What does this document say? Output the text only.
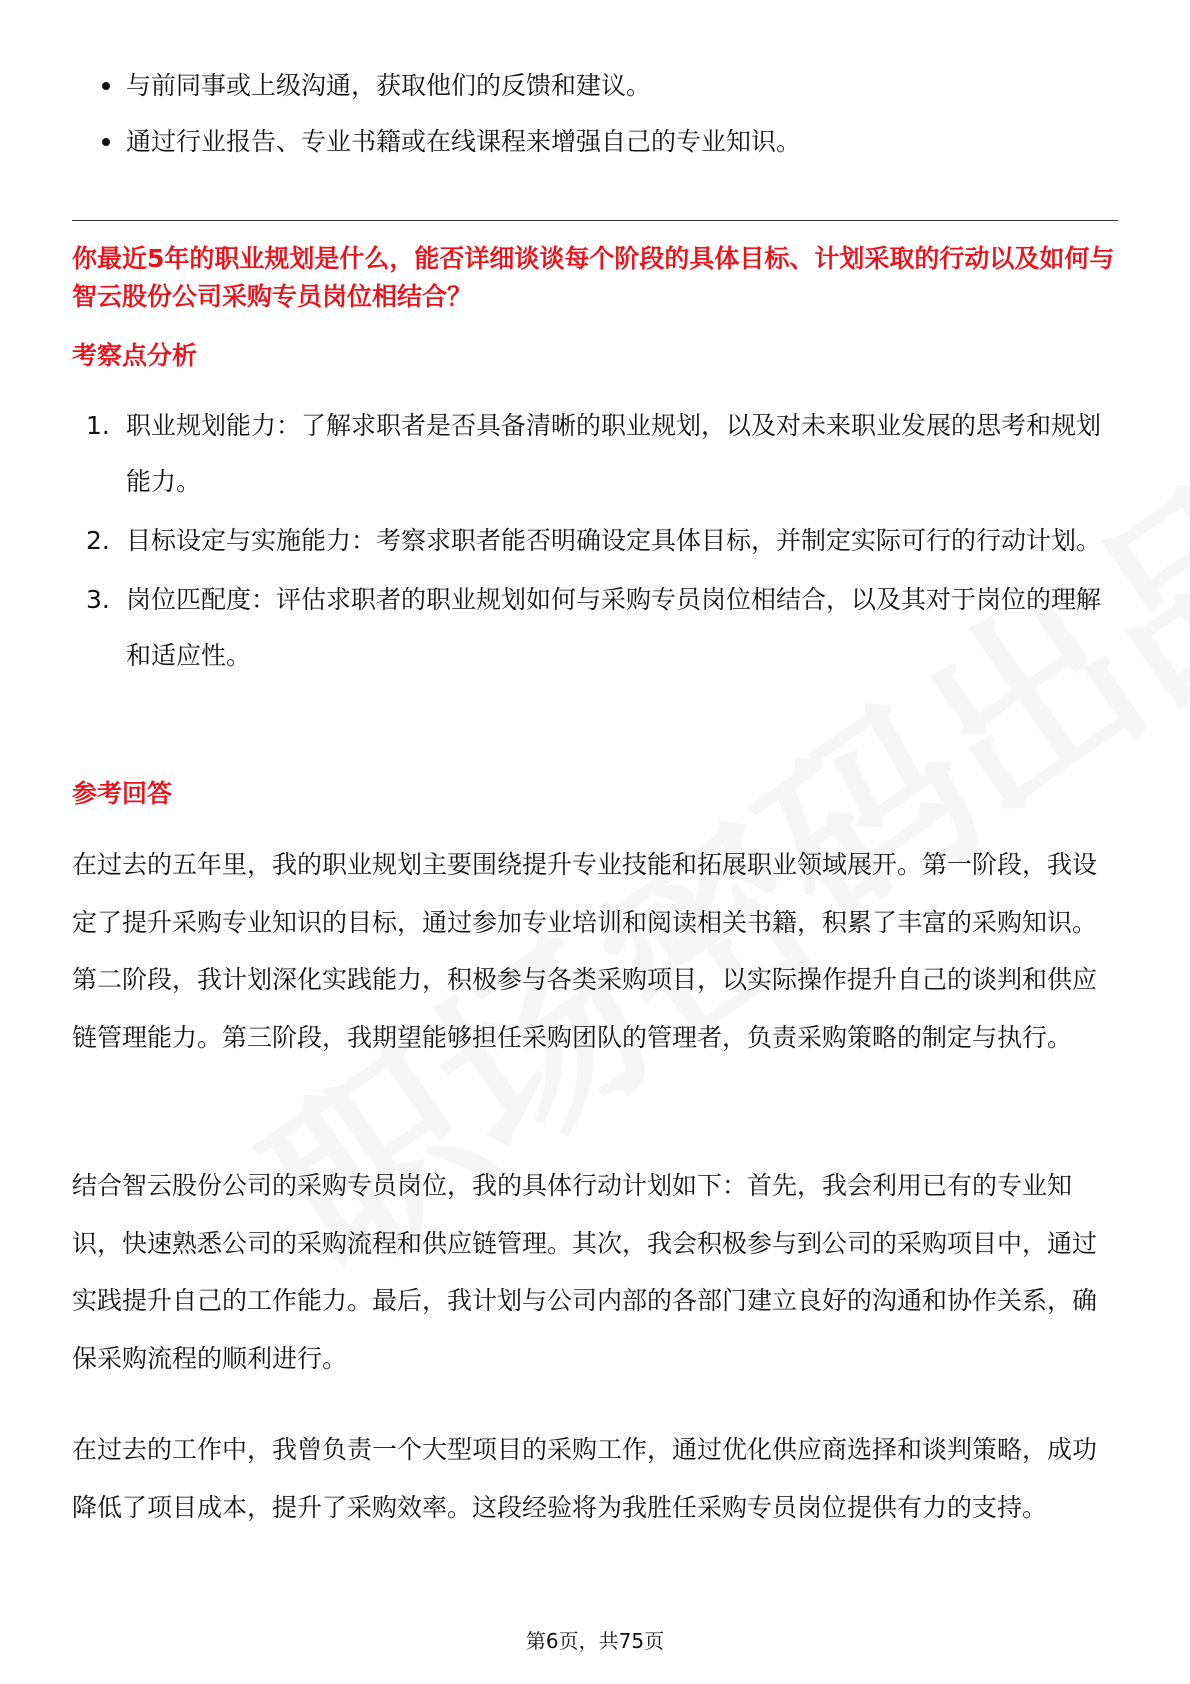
与前同事或上级沟通，获取他们的反馈和建议。
通过行业报告、专业书籍或在线课程来增强自己的专业知识。
你最近5年的职业规划是什么，能否详细谈谈每个阶段的具体目标、计划采取的行动以及如何与智云股份公司采购专员岗位相结合？
考察点分析
1. 职业规划能力：了解求职者是否具备清晰的职业规划，以及对未来职业发展的思考和规划能力。
2. 目标设定与实施能力：考察求职者能否明确设定具体目标，并制定实际可行的行动计划。
3. 岗位匹配度：评估求职者的职业规划如何与采购专员岗位相结合，以及其对于岗位的理解和适应性。
参考回答

在过去的五年里，我的职业规划主要围绕提升专业技能和拓展职业领域展开。第一阶段，我设定了提升采购专业知识的目标，通过参加专业培训和阅读相关书籍，积累了丰富的采购知识。第二阶段，我计划深化实践能力，积极参与各类采购项目，以实际操作提升自己的谈判和供应链管理能力。第三阶段，我期望能够担任采购团队的管理者，负责采购策略的制定与执行。

结合智云股份公司的采购专员岗位，我的具体行动计划如下：首先，我会利用已有的专业知识，快速熟悉公司的采购流程和供应链管理。其次，我会积极参与到公司的采购项目中，通过实践提升自己的工作能力。最后，我计划与公司内部的各部门建立良好的沟通和协作关系，确保采购流程的顺利进行。

在过去的工作中，我曾负责一个大型项目的采购工作，通过优化供应商选择和谈判策略，成功降低了项目成本，提升了采购效率。这段经验将为我胜任采购专员岗位提供有力的支持。

第6页，共75页
